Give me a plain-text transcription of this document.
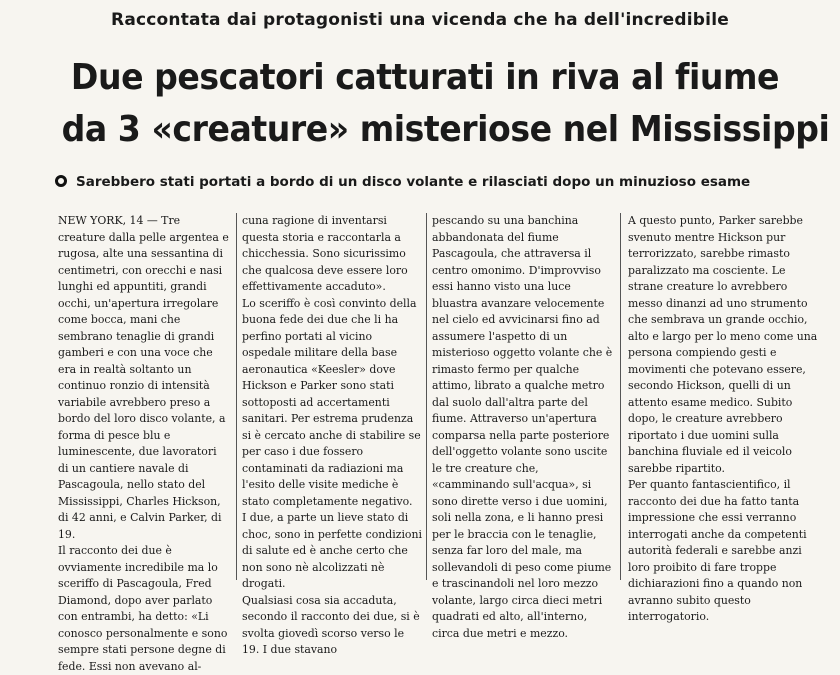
Raccontata dai protagonisti una vicenda che ha dell'incredibile
Due pescatori catturati in riva al fiume
da 3 «creature» misteriose nel Mississippi
Sarebbero stati portati a bordo di un disco volante e rilasciati dopo un minuzioso esame
NEW YORK, 14 — Tre creature dalla pelle argentea e rugosa, alte una sessantina di centimetri, con orecchi e nasi lunghi ed appuntiti, grandi occhi, un'apertura irregolare come bocca, mani che sembrano tenaglie di grandi gamberi e con una voce che era in realtà soltanto un continuo ronzio di intensità variabile avrebbero preso a bordo del loro disco volante, a forma di pesce blu e luminescente, due lavoratori di un cantiere navale di Pascagoula, nello stato del Mississippi, Charles Hickson, di 42 anni, e Calvin Parker, di 19.
Il racconto dei due è ovviamente incredibile ma lo sceriffo di Pascagoula, Fred Diamond, dopo aver parlato con entrambi, ha detto: «Li conosco personalmente e sono sempre stati persone degne di fede. Essi non avevano al-
cuna ragione di inventarsi questa storia e raccontarla a chicchessia. Sono sicurissimo che qualcosa deve essere loro effettivamente accaduto».
Lo sceriffo è così convinto della buona fede dei due che li ha perfino portati al vicino ospedale militare della base aeronautica «Keesler» dove Hickson e Parker sono stati sottoposti ad accertamenti sanitari. Per estrema prudenza si è cercato anche di stabilire se per caso i due fossero contaminati da radiazioni ma l'esito delle visite mediche è stato completamente negativo.
I due, a parte un lieve stato di choc, sono in perfette condizioni di salute ed è anche certo che non sono nè alcolizzati nè drogati.
Qualsiasi cosa sia accaduta, secondo il racconto dei due, si è svolta giovedì scorso verso le 19. I due stavano
pescando su una banchina abbandonata del fiume Pascagoula, che attraversa il centro omonimo. D'improvviso essi hanno visto una luce bluastra avanzare velocemente nel cielo ed avvicinarsi fino ad assumere l'aspetto di un misterioso oggetto volante che è rimasto fermo per qualche attimo, librato a qualche metro dal suolo dall'altra parte del fiume. Attraverso un'apertura comparsa nella parte posteriore dell'oggetto volante sono uscite le tre creature che, «camminando sull'acqua», si sono dirette verso i due uomini, soli nella zona, e li hanno presi per le braccia con le tenaglie, senza far loro del male, ma sollevandoli di peso come piume e trascinandoli nel loro mezzo volante, largo circa dieci metri quadrati ed alto, all'interno, circa due metri e mezzo.
A questo punto, Parker sarebbe svenuto mentre Hickson pur terrorizzato, sarebbe rimasto paralizzato ma cosciente. Le strane creature lo avrebbero messo dinanzi ad uno strumento che sembrava un grande occhio, alto e largo per lo meno come una persona compiendo gesti e movimenti che potevano essere, secondo Hickson, quelli di un attento esame medico. Subito dopo, le creature avrebbero riportato i due uomini sulla banchina fluviale ed il veicolo sarebbe ripartito.
Per quanto fantascientifico, il racconto dei due ha fatto tanta impressione che essi verranno interrogati anche da competenti autorità federali e sarebbe anzi loro proibito di fare troppe dichiarazioni fino a quando non avranno subito questo interrogatorio.
